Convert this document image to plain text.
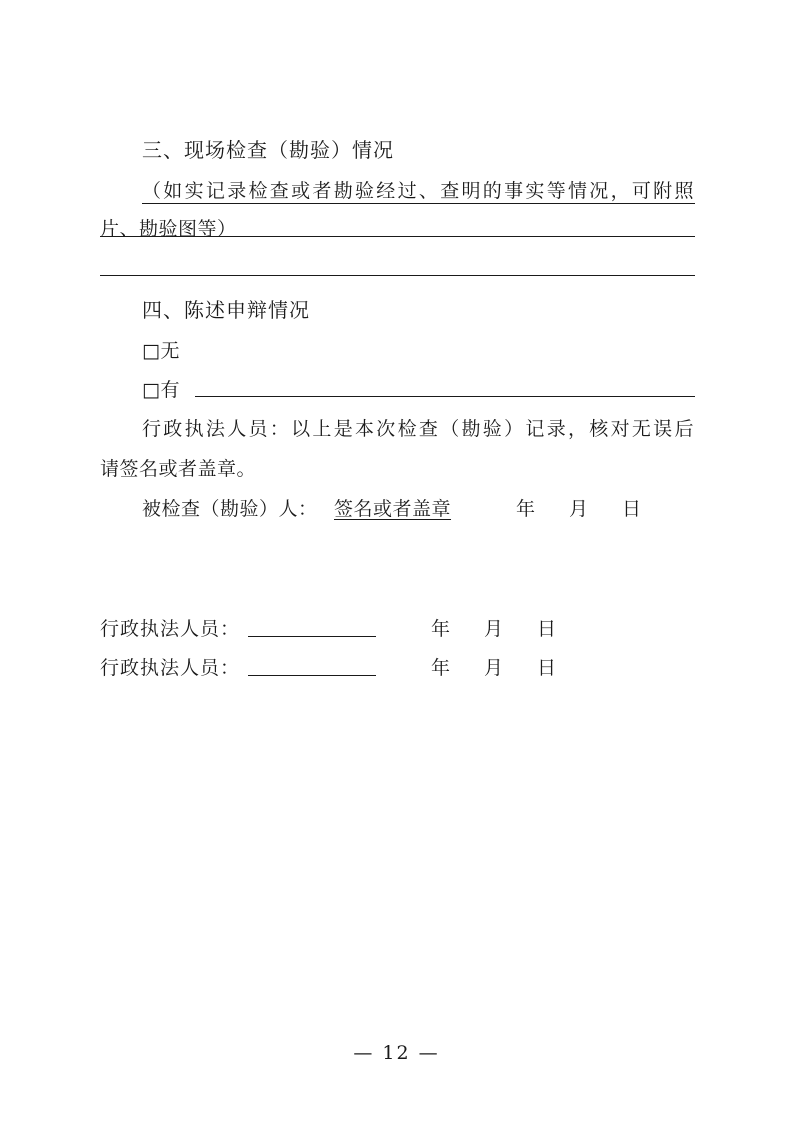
三、现场检查（勘验）情况
（如实记录检查或者勘验经过、查明的事实等情况，可附照
片、勘验图等）
四、陈述申辩情况
□无
□有
行政执法人员：以上是本次检查（勘验）记录，核对无误后
请签名或者盖章。
被检查（勘验）人： 签名或者盖章	年 月 日
行政执法人员：	年 月 日
行政执法人员：	年 月 日
— 12 —
